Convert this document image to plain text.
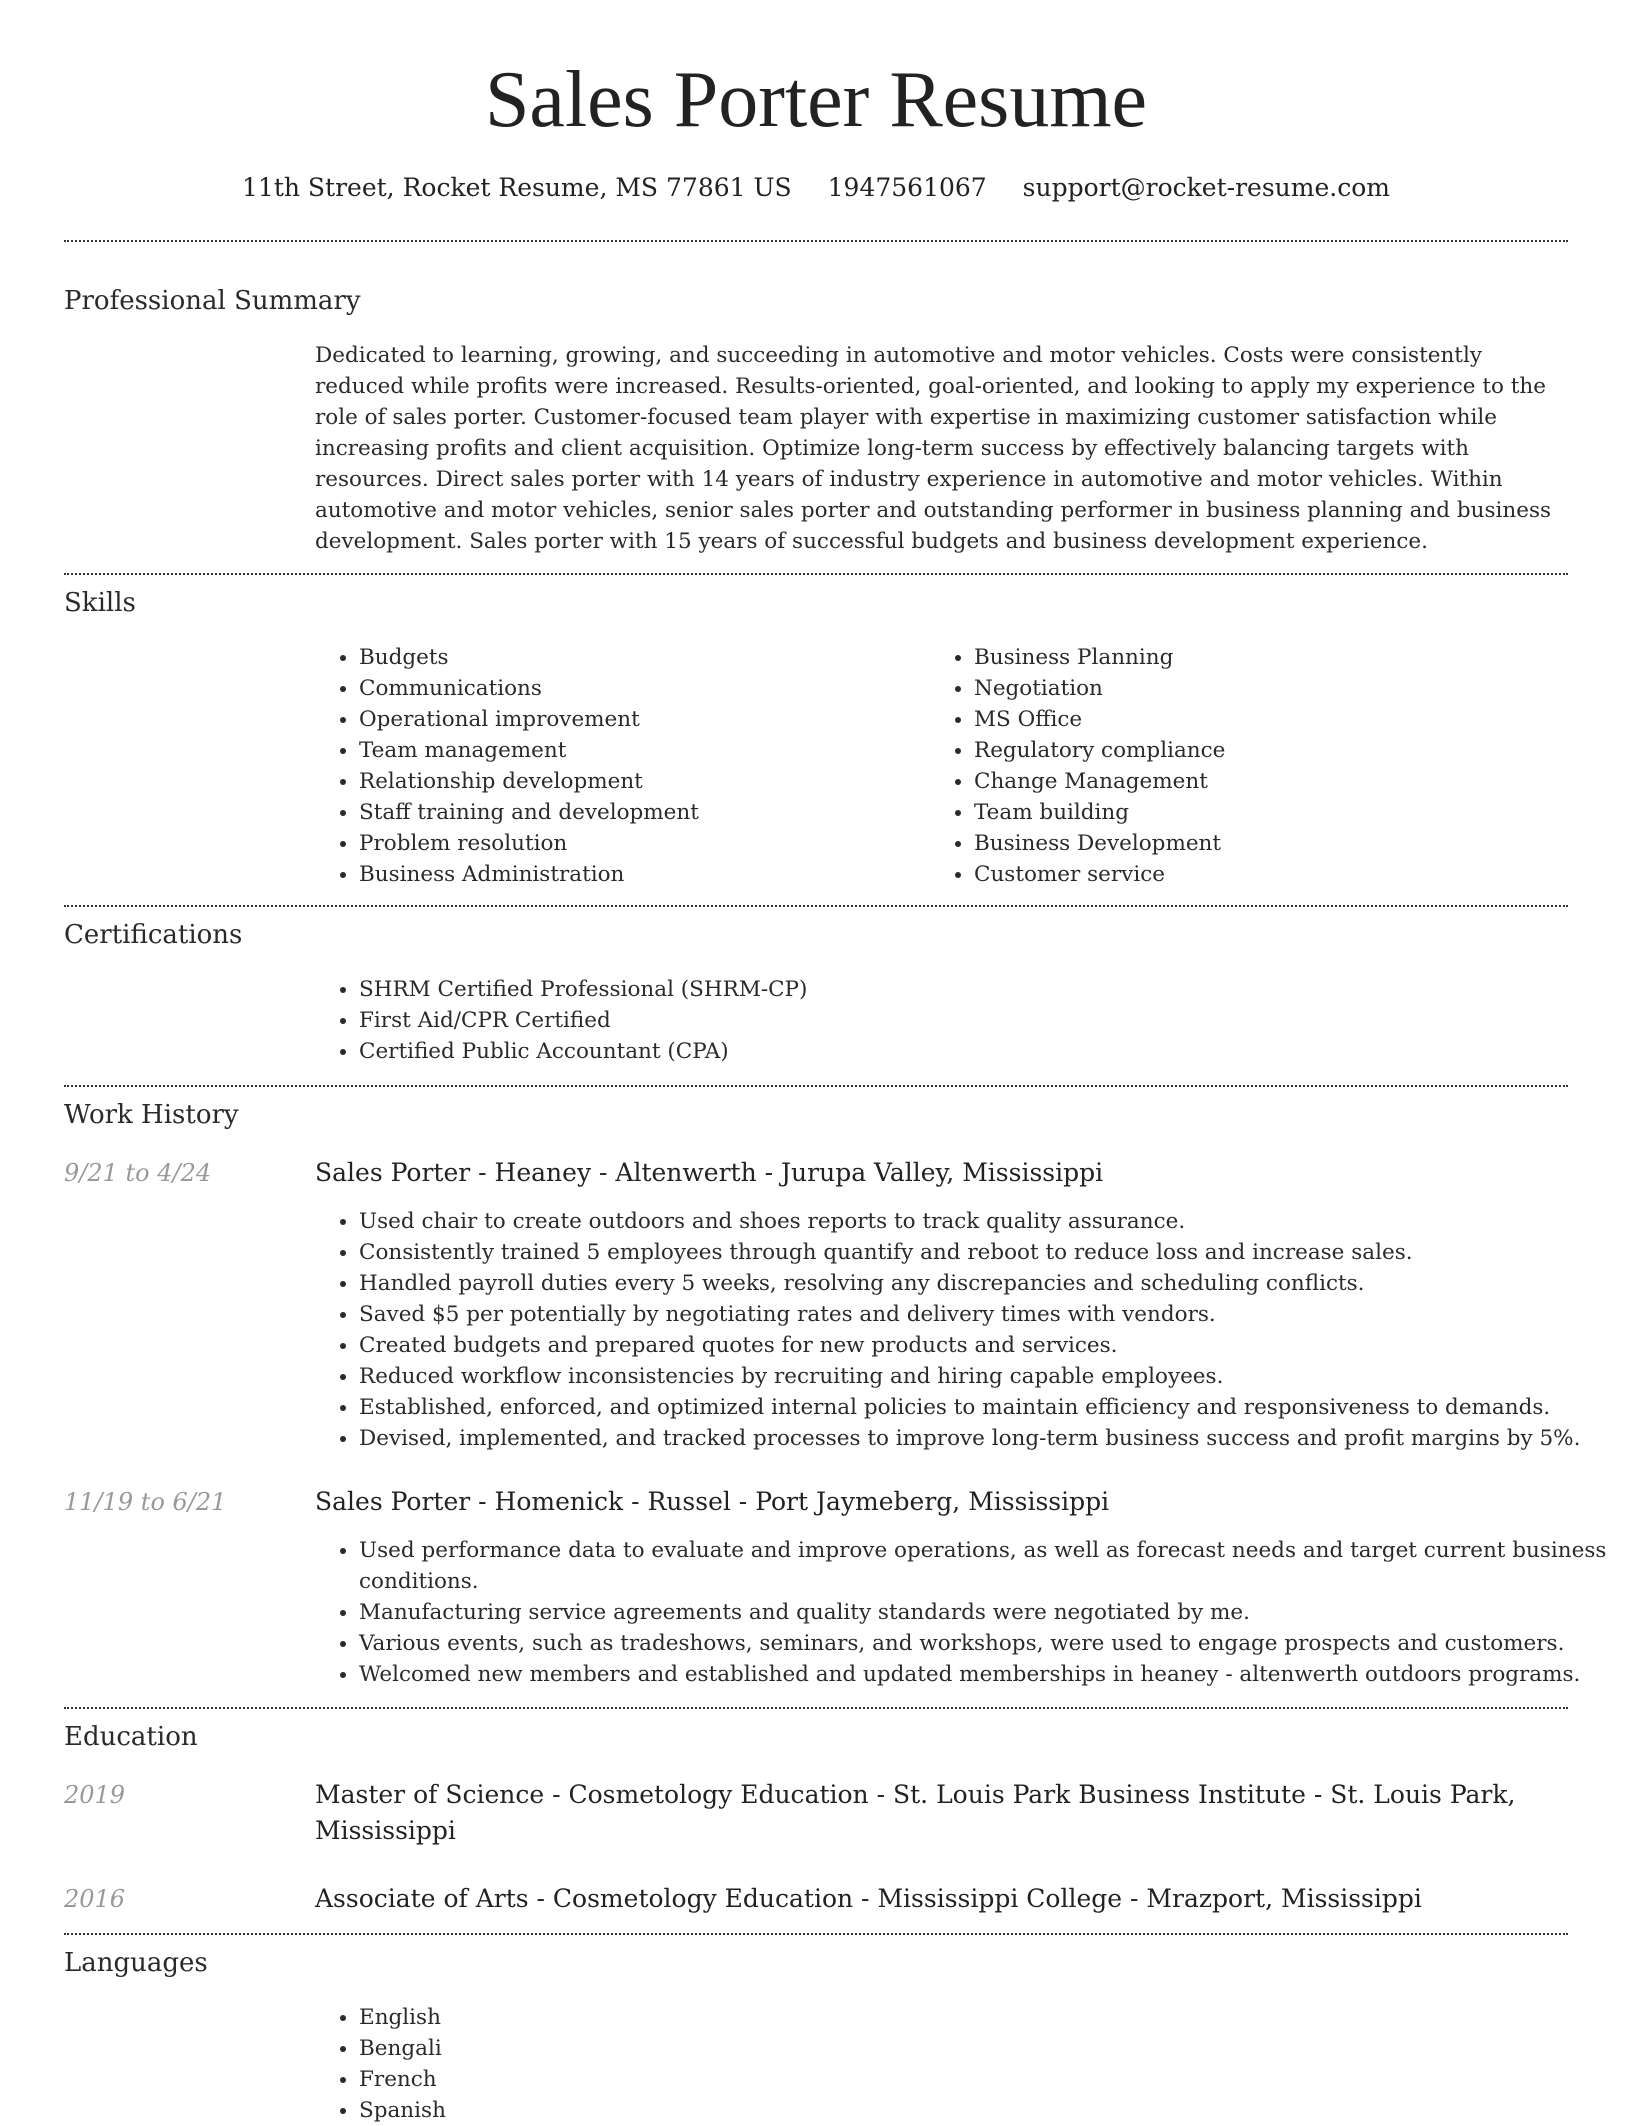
Sales Porter Resume
11th Street, Rocket Resume, MS 77861 US 1947561067 support@rocket-resume.com
Professional Summary
Dedicated to learning, growing, and succeeding in automotive and motor vehicles. Costs were consistently reduced while profits were increased. Results-oriented, goal-oriented, and looking to apply my experience to the role of sales porter. Customer-focused team player with expertise in maximizing customer satisfaction while increasing profits and client acquisition. Optimize long-term success by effectively balancing targets with resources. Direct sales porter with 14 years of industry experience in automotive and motor vehicles. Within automotive and motor vehicles, senior sales porter and outstanding performer in business planning and business development. Sales porter with 15 years of successful budgets and business development experience.
Skills
• Budgets
• Communications
• Operational improvement
• Team management
• Relationship development
• Staff training and development
• Problem resolution
• Business Administration
• Business Planning
• Negotiation
• MS Office
• Regulatory compliance
• Change Management
• Team building
• Business Development
• Customer service
Certifications
• SHRM Certified Professional (SHRM-CP)
• First Aid/CPR Certified
• Certified Public Accountant (CPA)
Work History
9/21 to 4/24	Sales Porter - Heaney - Altenwerth - Jurupa Valley, Mississippi
• Used chair to create outdoors and shoes reports to track quality assurance.
• Consistently trained 5 employees through quantify and reboot to reduce loss and increase sales.
• Handled payroll duties every 5 weeks, resolving any discrepancies and scheduling conflicts.
• Saved $5 per potentially by negotiating rates and delivery times with vendors.
• Created budgets and prepared quotes for new products and services.
• Reduced workflow inconsistencies by recruiting and hiring capable employees.
• Established, enforced, and optimized internal policies to maintain efficiency and responsiveness to demands.
• Devised, implemented, and tracked processes to improve long-term business success and profit margins by 5%.
11/19 to 6/21	Sales Porter - Homenick - Russel - Port Jaymeberg, Mississippi
• Used performance data to evaluate and improve operations, as well as forecast needs and target current business conditions.
• Manufacturing service agreements and quality standards were negotiated by me.
• Various events, such as tradeshows, seminars, and workshops, were used to engage prospects and customers.
• Welcomed new members and established and updated memberships in heaney - altenwerth outdoors programs.
Education
2019	Master of Science - Cosmetology Education - St. Louis Park Business Institute - St. Louis Park, Mississippi
2016	Associate of Arts - Cosmetology Education - Mississippi College - Mrazport, Mississippi
Languages
• English
• Bengali
• French
• Spanish
